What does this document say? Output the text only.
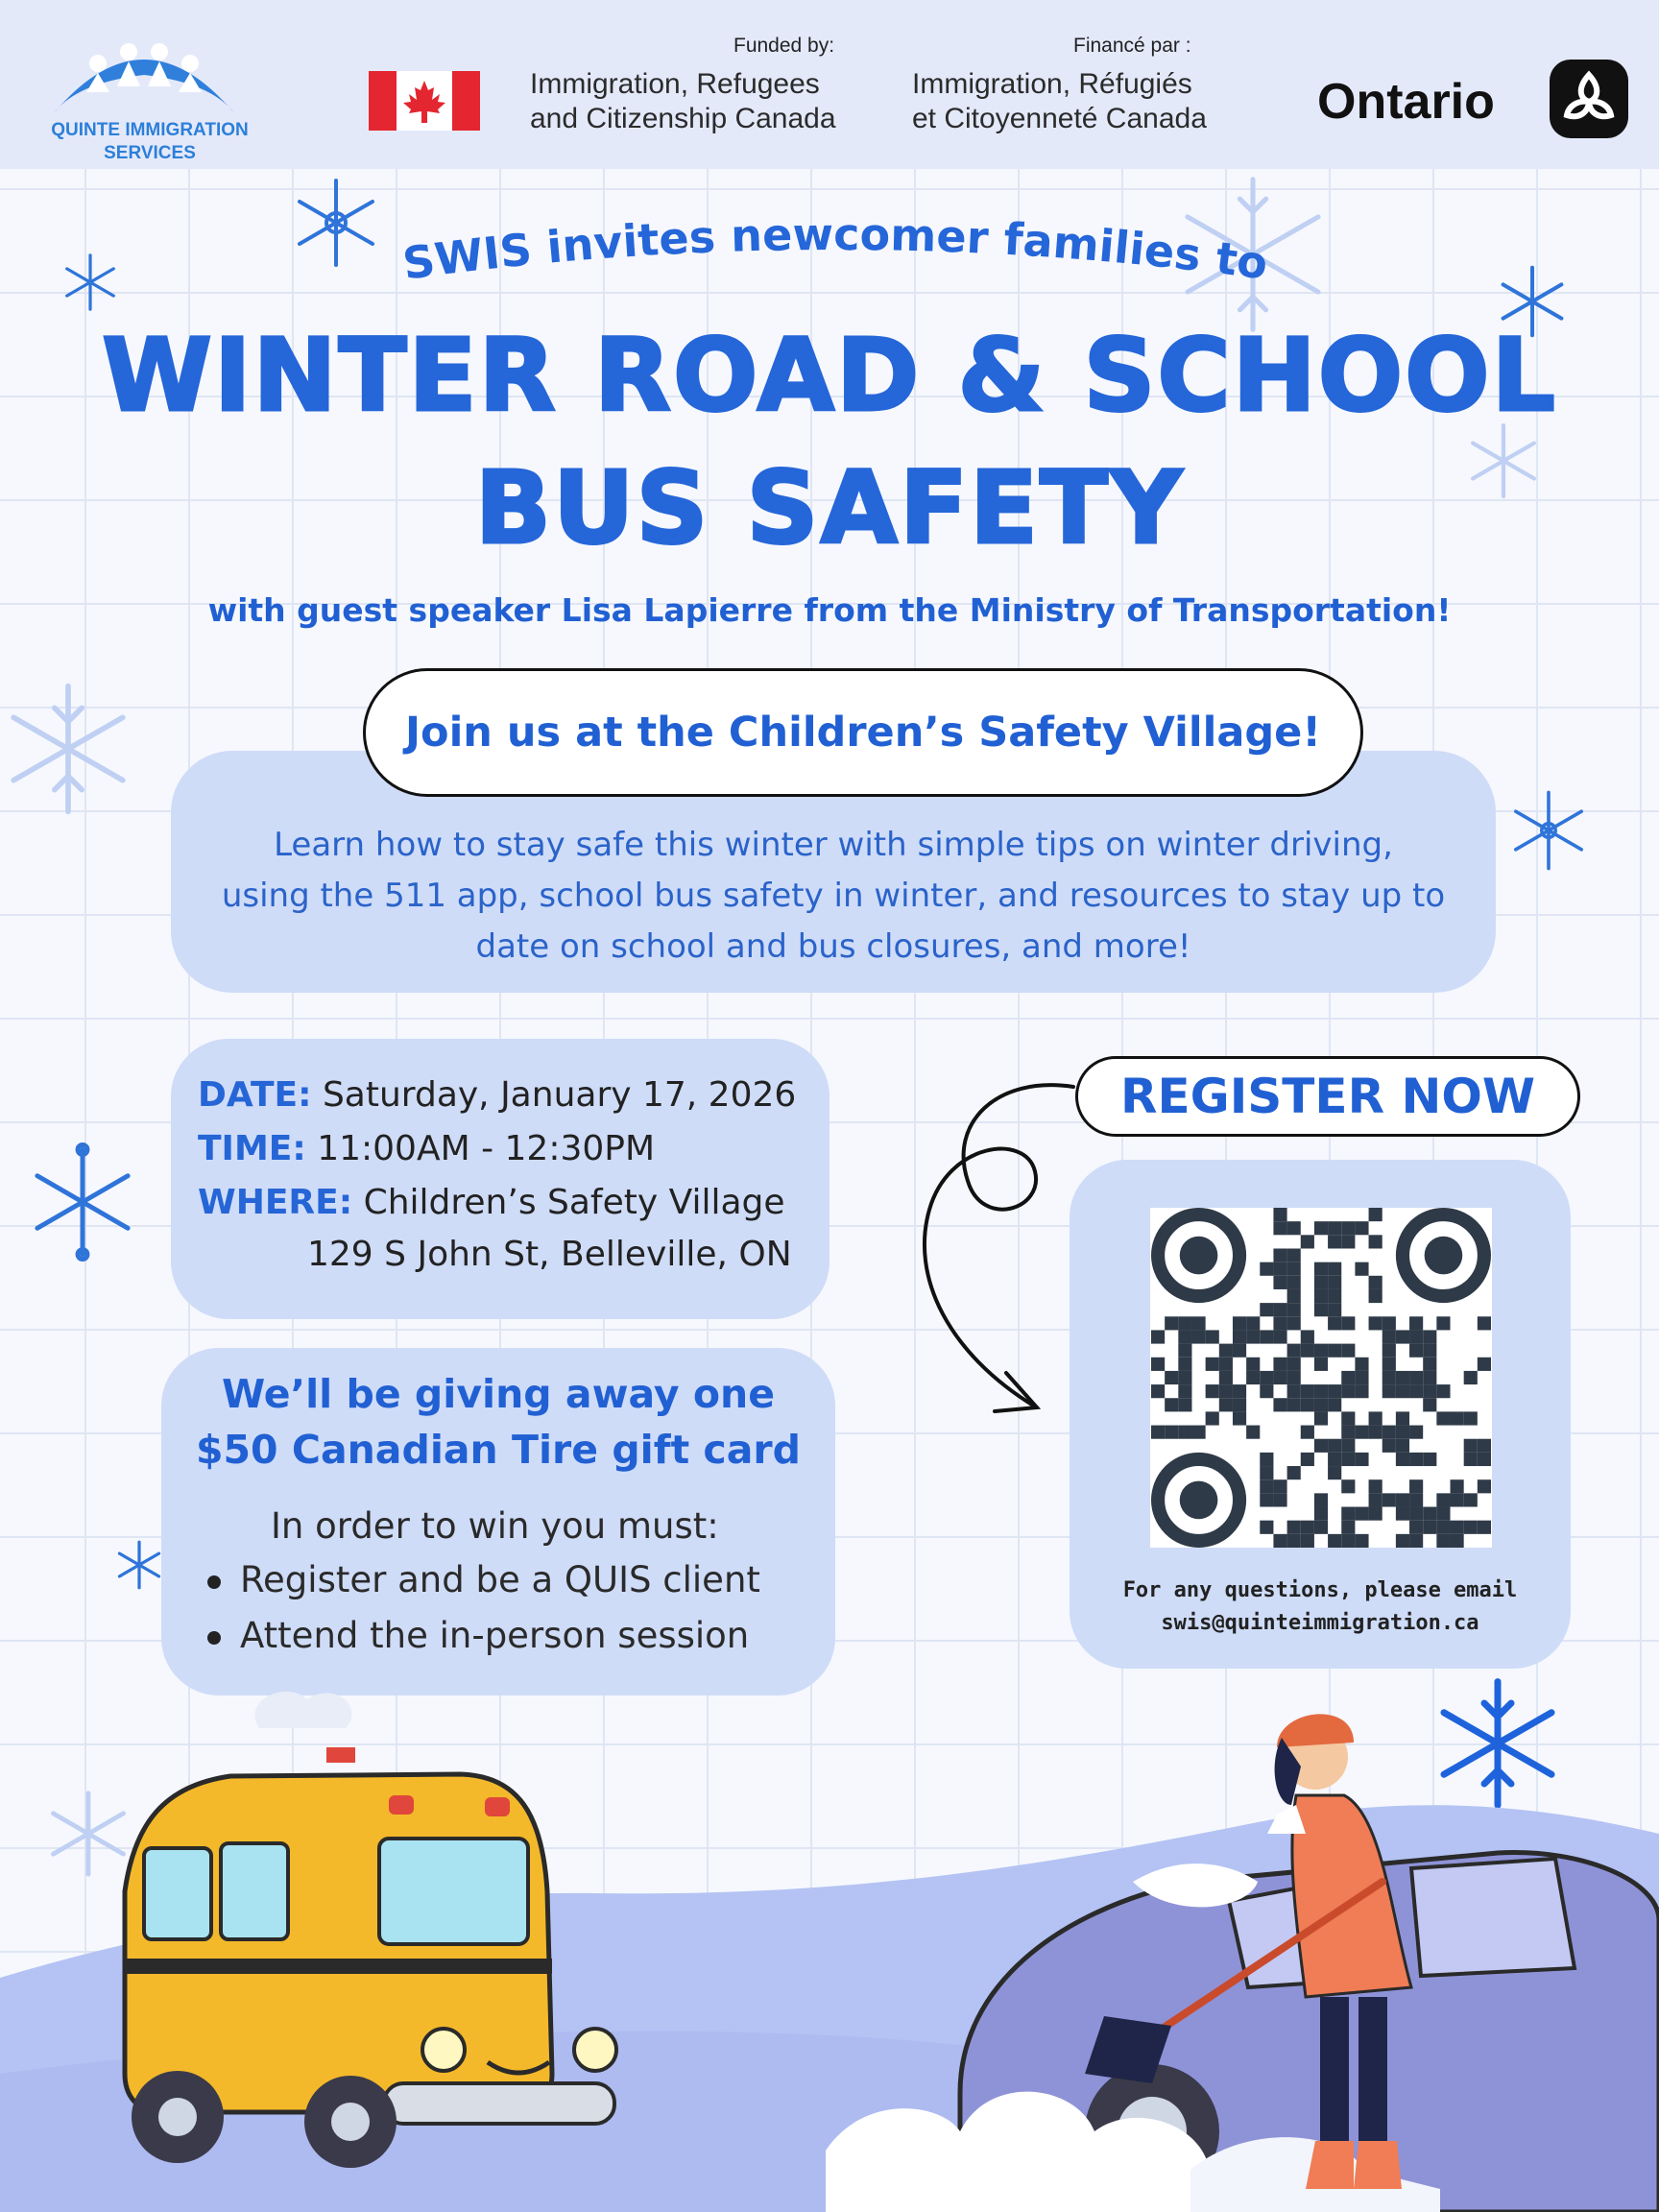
QUINTE IMMIGRATION SERVICES
Funded by:
Immigration, Refugees
and Citizenship Canada
Financé par :
Immigration, Réfugiés
et Citoyenneté Canada Ontario
SWIS invites newcomer families to
WINTER ROAD & SCHOOL
BUS SAFETY
with guest speaker Lisa Lapierre from the Ministry of Transportation!
Learn how to stay safe this winter with simple tips on winter driving,
using the 511 app, school bus safety in winter, and resources to stay up to
date on school and bus closures, and more!
Join us at the Children’s Safety Village!
DATE: Saturday, January 17, 2026
TIME: 11:00AM - 12:30PM
WHERE: Children’s Safety Village
129 S John St, Belleville, ON
We’ll be giving away one
$50 Canadian Tire gift card
In order to win you must:
Register and be a QUIS client
Attend the in-person session
REGISTER NOW
For any questions, please email
swis@quinteimmigration.ca
